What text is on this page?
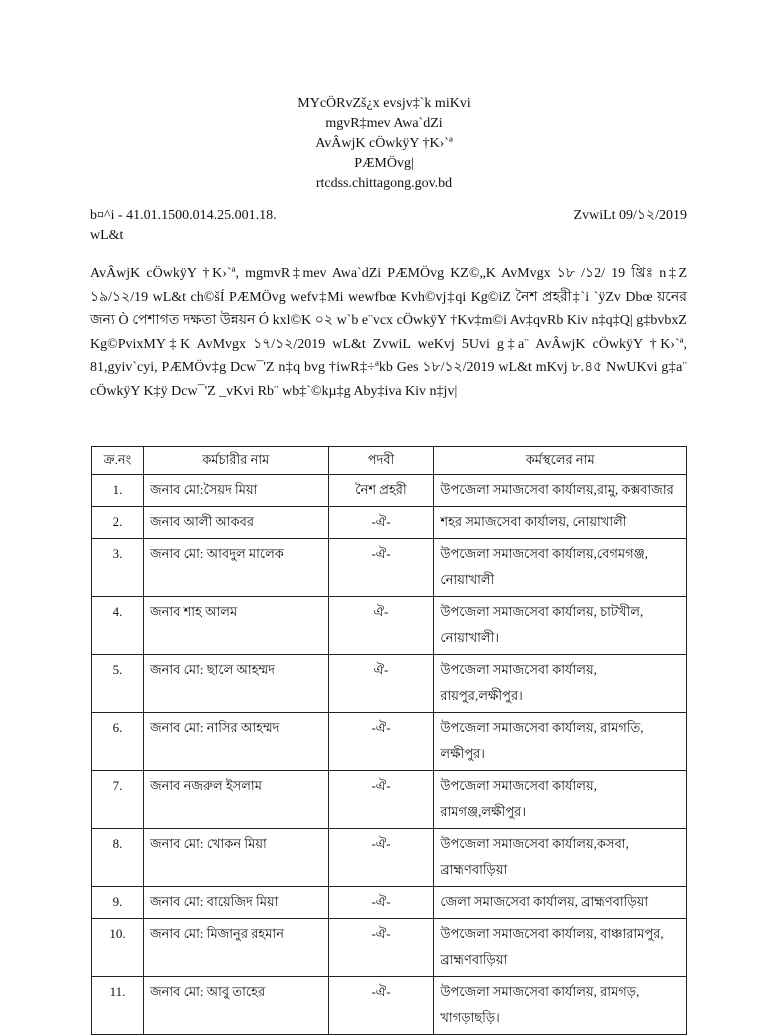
MYcÖRvZš¿x evsjv‡`k miKvi
mgvR‡mev Awa`dZi
AvÂwjK cÖwkÿY †K›`ª
PÆMÖvg|
rtcdss.chittagong.gov.bd
b¤^i - 41.01.1500.014.25.001.18.	ZvwiLt 09/১২/2019
wL&t

AvÂwjK cÖwkÿY †K›`ª, mgmvR‡mev Awa`dZi PÆMÖvg KZ©„K AvMvgx ১৮ /১2/ 19 খ্রিঃ n‡Z ১৯/১২/19 wL&t ch©šÍ PÆMÖvg wefv‡Mi wewfbœ Kvh©vj‡qi Kg©iZ নৈশ প্রহরী‡`i `ÿZv Dbœ য়নের জন্য Ò পেশাগত দক্ষতা উন্নয়ন Ó kxl©K ০২ w`b e¨vcx cÖwkÿY †Kv‡m©i Av‡qvRb Kiv n‡q‡Q| g‡bvbxZ Kg©PvixMY‡K AvMvgx ১৭/১২/2019 wL&t ZvwiL weKvj 5Uvi g‡a¨ AvÂwjK cÖwkÿY †K›`ª, 81,gyiv`cyi, PÆMÖv‡g Dcw¯'Z n‡q bvg †iwR‡÷ªkb Ges ১৮/১২/2019 wL&t mKvj ৮.৪৫ NwUKvi g‡a¨ cÖwkÿY K‡ÿ Dcw¯'Z _vKvi Rb¨ wb‡`©kµ‡g Aby‡iva Kiv n‡jv|

ক্র.নং	কর্মচারীর নাম	পদবী	কর্মস্থলের নাম
1.	জনাব মো:সৈয়দ মিয়া	নৈশ প্রহরী	উপজেলা সমাজসেবা কার্যালয়,রামু, কক্সবাজার
2.	জনাব আলী আকবর	-ঐ-	শহর সমাজসেবা কার্যালয়, নোয়াখালী
3.	জনাব মো: আবদুল মালেক	-ঐ-	উপজেলা সমাজসেবা কার্যালয়,বেগমগঞ্জ, নোয়াখালী
4.	জনাব শাহ আলম	ঐ-	উপজেলা সমাজসেবা কার্যালয়, চাটখীল, নোয়াখালী।
5.	জনাব মো: ছালে আহম্মদ	ঐ-	উপজেলা সমাজসেবা কার্যালয়, রায়পুর,লক্ষীপুর।
6.	জনাব মো: নাসির আহম্মদ	-ঐ-	উপজেলা সমাজসেবা কার্যালয়, রামগতি, লক্ষীপুর।
7.	জনাব নজরুল ইসলাম	-ঐ-	উপজেলা সমাজসেবা কার্যালয়, রামগঞ্জ,লক্ষীপুর।
8.	জনাব মো: খোকন মিয়া	-ঐ-	উপজেলা সমাজসেবা কার্যালয়,কসবা, ব্রাহ্মণবাড়িয়া
9.	জনাব মো: বায়েজিদ মিয়া	-ঐ-	জেলা সমাজসেবা কার্যালয়, ব্রাহ্মণবাড়িয়া
10.	জনাব মো: মিজানুর রহমান	-ঐ-	উপজেলা সমাজসেবা কার্যালয়, বাঞ্চারামপুর, ব্রাহ্মণবাড়িয়া
11.	জনাব মো: আবু তাহের	-ঐ-	উপজেলা সমাজসেবা কার্যালয়, রামগড়, খাগড়াছড়ি।
